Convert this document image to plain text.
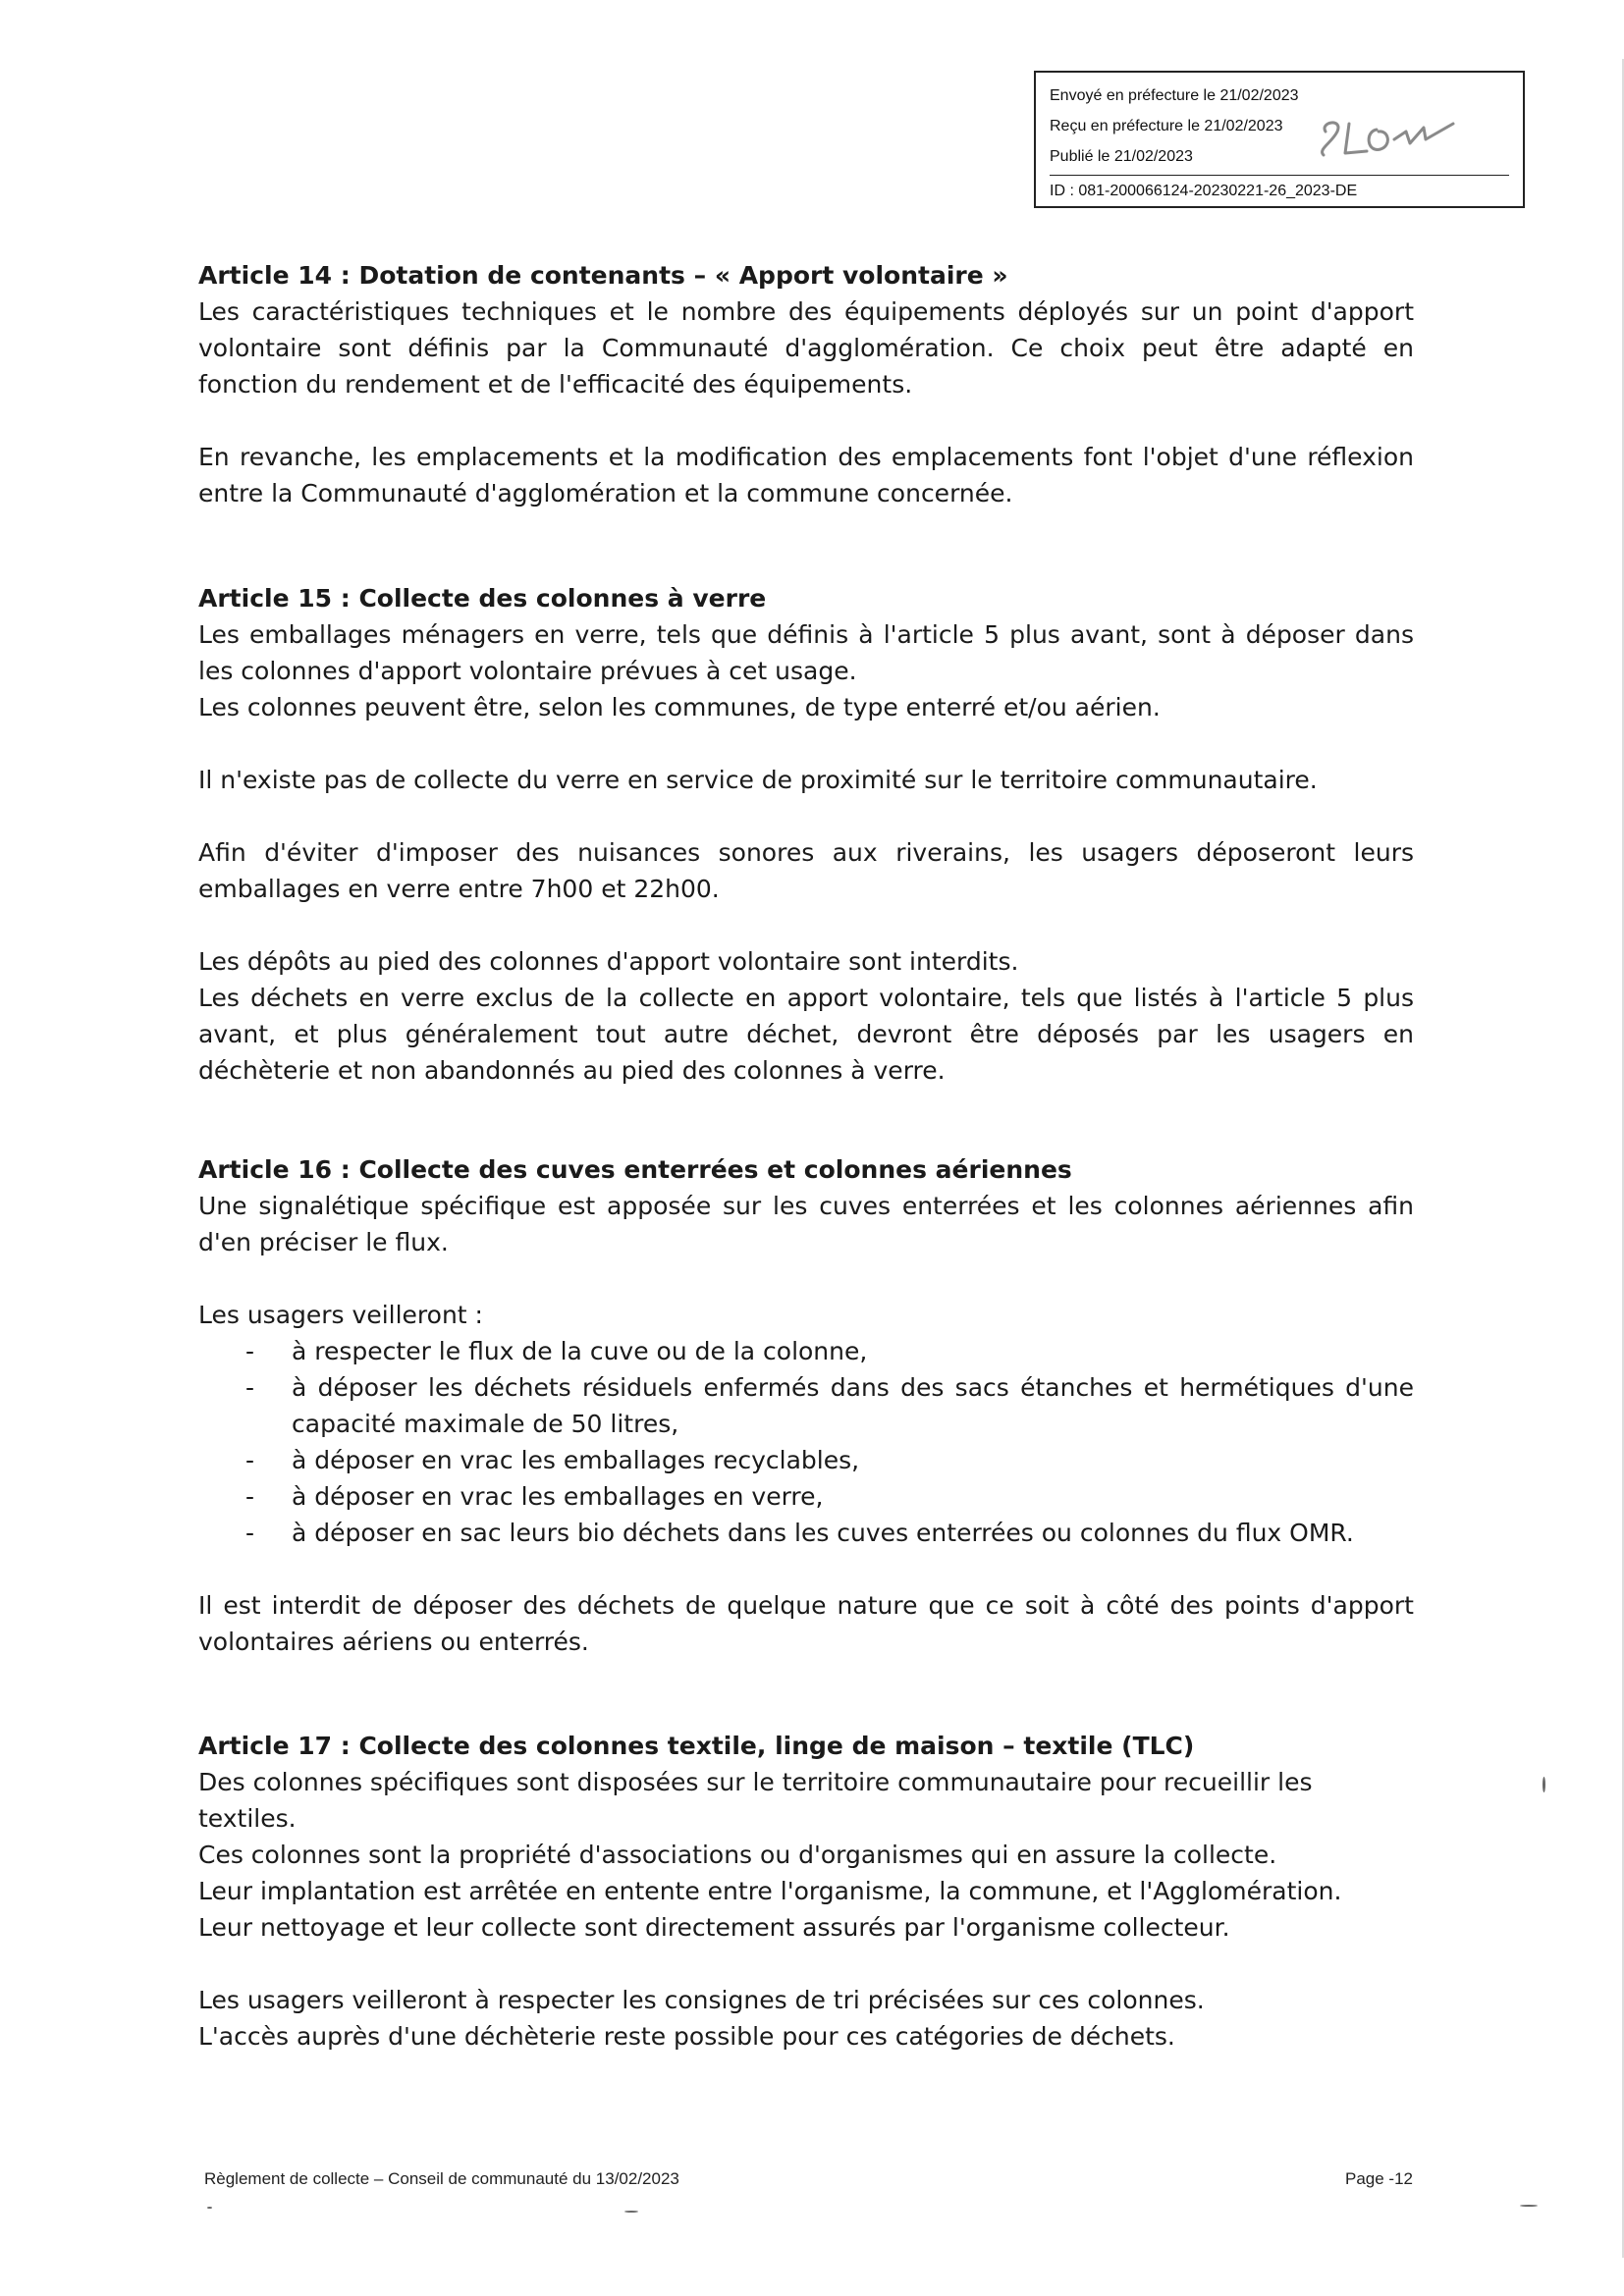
Envoyé en préfecture le 21/02/2023
Reçu en préfecture le 21/02/2023
Publié le 21/02/2023
ID : 081-200066124-20230221-26_2023-DE
Article 14 : Dotation de contenants – « Apport volontaire »

Les caractéristiques techniques et le nombre des équipements déployés sur un point d'apport volontaire sont définis par la Communauté d'agglomération. Ce choix peut être adapté en fonction du rendement et de l'efficacité des équipements.

En revanche, les emplacements et la modification des emplacements font l'objet d'une réflexion entre la Communauté d'agglomération et la commune concernée.

Article 15 : Collecte des colonnes à verre

Les emballages ménagers en verre, tels que définis à l'article 5 plus avant, sont à déposer dans les colonnes d'apport volontaire prévues à cet usage.

Les colonnes peuvent être, selon les communes, de type enterré et/ou aérien.

Il n'existe pas de collecte du verre en service de proximité sur le territoire communautaire.

Afin d'éviter d'imposer des nuisances sonores aux riverains, les usagers déposeront leurs emballages en verre entre 7h00 et 22h00.

Les dépôts au pied des colonnes d'apport volontaire sont interdits.

Les déchets en verre exclus de la collecte en apport volontaire, tels que listés à l'article 5 plus avant, et plus généralement tout autre déchet, devront être déposés par les usagers en déchèterie et non abandonnés au pied des colonnes à verre.

Article 16 : Collecte des cuves enterrées et colonnes aériennes

Une signalétique spécifique est apposée sur les cuves enterrées et les colonnes aériennes afin d'en préciser le flux.

Les usagers veilleront :

- à respecter le flux de la cuve ou de la colonne,
- à déposer les déchets résiduels enfermés dans des sacs étanches et hermétiques d'une capacité maximale de 50 litres,
- à déposer en vrac les emballages recyclables,
- à déposer en vrac les emballages en verre,
- à déposer en sac leurs bio déchets dans les cuves enterrées ou colonnes du flux OMR.

Il est interdit de déposer des déchets de quelque nature que ce soit à côté des points d'apport volontaires aériens ou enterrés.

Article 17 : Collecte des colonnes textile, linge de maison – textile (TLC)

Des colonnes spécifiques sont disposées sur le territoire communautaire pour recueillir les textiles.

Ces colonnes sont la propriété d'associations ou d'organismes qui en assure la collecte.

Leur implantation est arrêtée en entente entre l'organisme, la commune, et l'Agglomération.

Leur nettoyage et leur collecte sont directement assurés par l'organisme collecteur.

Les usagers veilleront à respecter les consignes de tri précisées sur ces colonnes.

L'accès auprès d'une déchèterie reste possible pour ces catégories de déchets.

Règlement de collecte – Conseil de communauté du 13/02/2023	Page -12
